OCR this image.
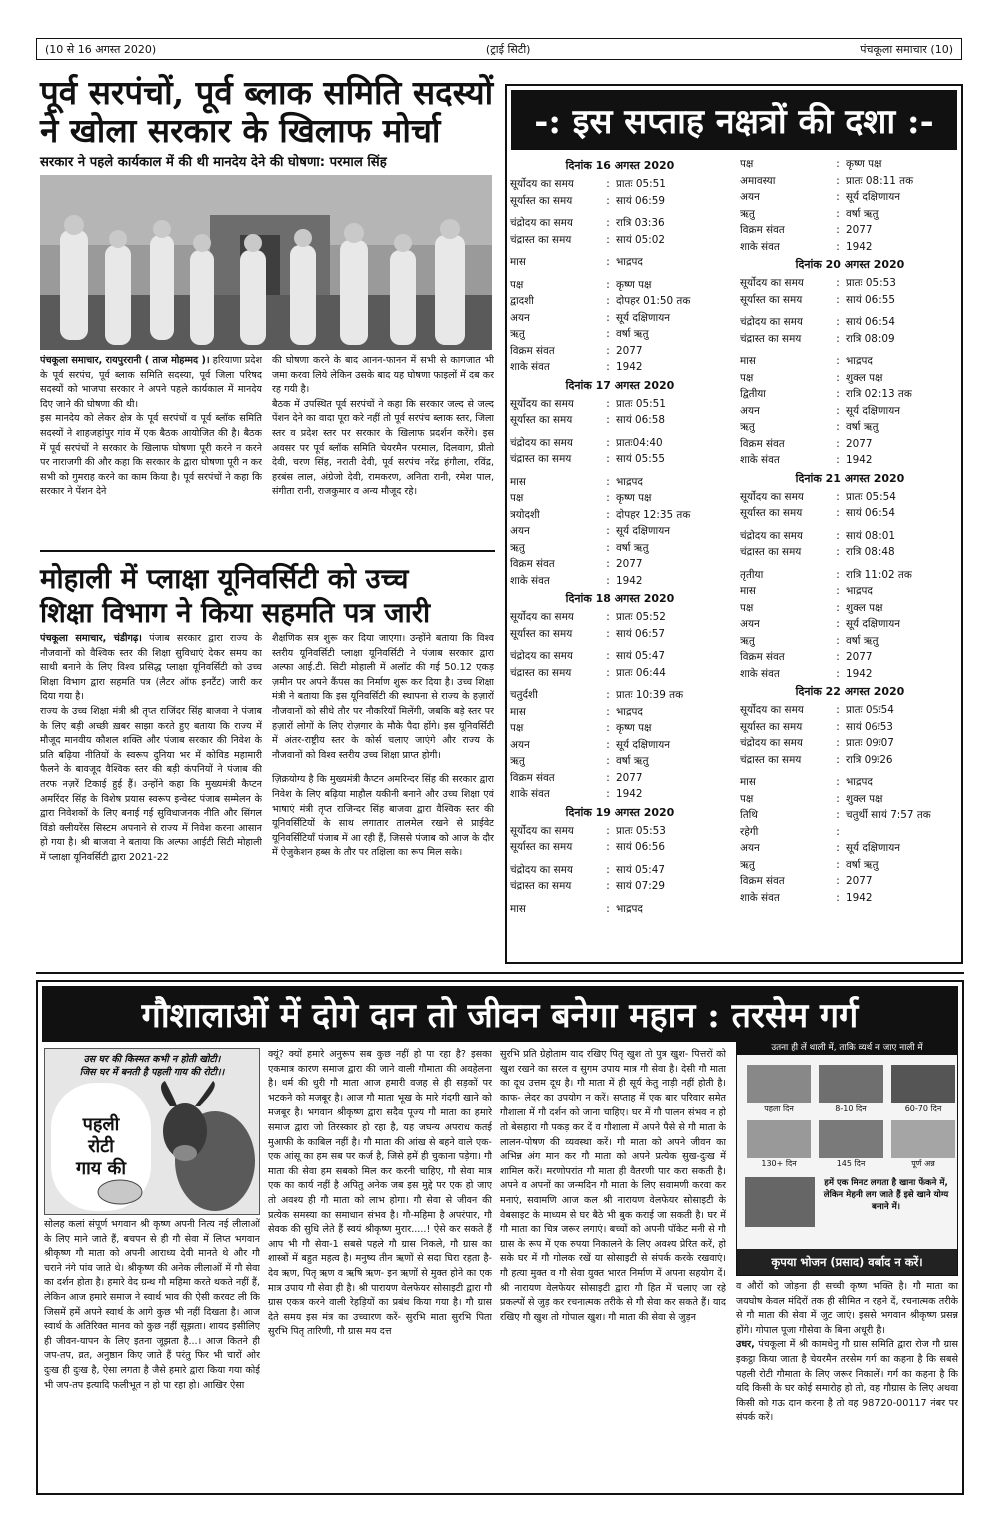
(10 से 16 अगस्त 2020)	(ट्राई सिटी)	पंचकूला समाचार (10)
पूर्व सरपंचों, पूर्व ब्लाक समिति सदस्यों
ने खोला सरकार के खिलाफ मोर्चा
सरकार ने पहले कार्यकाल में की थी मानदेय देने की घोषणा: परमाल सिंह

पंचकूला समाचार, रायपुररानी ( ताज मोहम्मद )। हरियाणा प्रदेश के पूर्व सरपंच, पूर्व ब्लाक समिति सदस्या, पूर्व जिला परिषद सदस्यों को भाजपा सरकार ने अपने पहले कार्यकाल में मानदेय दिए जाने की घोषणा की थी।

इस मानदेय को लेकर क्षेत्र के पूर्व सरपंचों व पूर्व ब्लॉक समिति सदस्यों ने शाहजहांपुर गांव में एक बैठक आयोजित की है। बैठक में पूर्व सरपंचों ने सरकार के खिलाफ घोषणा पूरी करने न करने पर नाराजगी की और कहा कि सरकार के द्वारा घोषणा पूरी न कर सभी को गुमराह करने का काम किया है। पूर्व सरपंचों ने कहा कि सरकार ने पेंशन देने

की घोषणा करने के बाद आनन-फानन में सभी से कागजात भी जमा करवा लिये लेकिन उसके बाद यह घोषणा फाइलों में दब कर रह गयी है।

बैठक में उपस्थित पूर्व सरपंचों ने कहा कि सरकार जल्द से जल्द पेंशन देने का वादा पूरा करे नहीं तो पूर्व सरपंच ब्लाक स्तर, जिला स्तर व प्रदेश स्तर पर सरकार के खिलाफ प्रदर्शन करेंगे। इस अवसर पर पूर्व ब्लॉक समिति चेयरमैन परमाल, दिलवाग, प्रीतो देवी, चरण सिंह, नराती देवी, पूर्व सरपंच नरेंद्र हंगौला, रविंद्र, हरबंस लाल, अंग्रेजो देवी, रामकरण, अनिता रानी, रमेश पाल, संगीता रानी, राजकुमार व अन्य मौजूद रहे।

मोहाली में प्लाक्षा यूनिवर्सिटी को उच्च
शिक्षा विभाग ने किया सहमति पत्र जारी

पंचकूला समाचार, चंडीगढ़। पंजाब सरकार द्वारा राज्य के नौजवानों को वैश्विक स्तर की शिक्षा सुविधाएं देकर समय का साथी बनाने के लिए विश्व प्रसिद्ध प्लाक्षा यूनिवर्सिटी को उच्च शिक्षा विभाग द्वारा सहमति पत्र (लैटर ऑफ इनटैंट) जारी कर दिया गया है।

राज्य के उच्च शिक्षा मंत्री श्री तृप्त राजिंदर सिंह बाजवा ने पंजाब के लिए बड़ी अच्छी ख़बर साझा करते हुए बताया कि राज्य में मौजूद मानवीय कौशल शक्ति और पंजाब सरकार की निवेश के प्रति बढ़िया नीतियों के स्वरूप दुनिया भर में कोविड महामारी फैलने के बावजूद वैश्विक स्तर की बड़ी कंपनियों ने पंजाब की तरफ नज़रें टिकाई हुई हैं। उन्होंने कहा कि मुख्यमंत्री कैप्टन अमरिंदर सिंह के विशेष प्रयास स्वरूप इन्वेस्ट पंजाब सम्मेलन के द्वारा निवेशकों के लिए बनाई गई सुविधाजनक नीति और सिंगल विंडो क्लीयरेंस सिस्टम अपनाने से राज्य में निवेश करना आसान हो गया है। श्री बाजवा ने बताया कि अल्फा आईटी सिटी मोहाली में प्लाक्षा यूनिवर्सिटी द्वारा 2021-22

शैक्षणिक सत्र शुरू कर दिया जाएगा। उन्होंने बताया कि विश्व स्तरीय यूनिवर्सिटी प्लाक्षा यूनिवर्सिटी ने पंजाब सरकार द्वारा अल्फा आई.टी. सिटी मोहाली में अलॉट की गई 50.12 एकड़ ज़मीन पर अपने कैंपस का निर्माण शुरू कर दिया है। उच्च शिक्षा मंत्री ने बताया कि इस यूनिवर्सिटी की स्थापना से राज्य के हज़ारों नौजवानों को सीधे तौर पर नौकरियाँ मिलेंगी, जबकि बड़े स्तर पर हज़ारों लोगों के लिए रोज़गार के मौके पैदा होंगे। इस यूनिवर्सिटी में अंतर-राष्ट्रीय स्तर के कोर्स चलाए जाएंगे और राज्य के नौजवानों को विश्व स्तरीय उच्च शिक्षा प्राप्त होगी।

ज़िक्रयोग्य है कि मुख्यमंत्री कैप्टन अमरिन्दर सिंह की सरकार द्वारा निवेश के लिए बढ़िया माहौल यकीनी बनाने और उच्च शिक्षा एवं भाषाएं मंत्री तृप्त राजिन्दर सिंह बाजवा द्वारा वैश्विक स्तर की यूनिवर्सिटियों के साथ लगातार तालमेल रखने से प्राईवेट यूनिवर्सिटियाँ पंजाब में आ रही हैं, जिससे पंजाब को आज के दौर में ऐजुकेशन हब्स के तौर पर तक्षिला का रूप मिल सके।

-: इस सप्ताह नक्षत्रों की दशा :-
दिनांक 16 अगस्त 2020
सूर्योदय का समय	: प्रातः 05:51
सूर्यास्त का समय	: सायं 06:59
चंद्रोदय का समय	: रात्रि 03:36
चंद्रास्त का समय	: सायं 05:02
मास	: भाद्रपद
पक्ष	: कृष्ण पक्ष
द्वादशी	: दोपहर 01:50 तक
अयन	: सूर्य दक्षिणायन
ऋतु	: वर्षा ऋतु
विक्रम संवत	: 2077
शाके संवत	: 1942
दिनांक 17 अगस्त 2020
सूर्योदय का समय	: प्रातः 05:51
सूर्यास्त का समय	: सायं 06:58
चंद्रोदय का समय	: प्रातः04:40
चंद्रास्त का समय	: सायं 05:55
मास	: भाद्रपद
पक्ष	: कृष्ण पक्ष
त्रयोदशी	: दोपहर 12:35 तक
अयन	: सूर्य दक्षिणायन
ऋतु	: वर्षा ऋतु
विक्रम संवत	: 2077
शाके संवत	: 1942
दिनांक 18 अगस्त 2020
सूर्योदय का समय	: प्रातः 05:52
सूर्यास्त का समय	: सायं 06:57
चंद्रोदय का समय	: सायं 05:47
चंद्रास्त का समय	: प्रातः 06:44
चतुर्दशी	: प्रातः 10:39 तक
मास	: भाद्रपद
पक्ष	: कृष्ण पक्ष
अयन	: सूर्य दक्षिणायन
ऋतु	: वर्षा ऋतु
विक्रम संवत	: 2077
शाके संवत	: 1942
दिनांक 19 अगस्त 2020
सूर्योदय का समय	: प्रातः 05:53
सूर्यास्त का समय	: सायं 06:56
चंद्रोदय का समय	: सायं 05:47
चंद्रास्त का समय	: सायं 07:29
मास	: भाद्रपद
पक्ष	: कृष्ण पक्ष
अमावस्या	: प्रातः 08:11 तक
अयन	: सूर्य दक्षिणायन
ऋतु	: वर्षा ऋतु
विक्रम संवत	: 2077
शाके संवत	: 1942
दिनांक 20 अगस्त 2020
सूर्योदय का समय	: प्रातः 05:53
सूर्यास्त का समय	: सायं 06:55
चंद्रोदय का समय	: सायं 06:54
चंद्रास्त का समय	: रात्रि 08:09
मास	: भाद्रपद
पक्ष	: शुक्ल पक्ष
द्वितीया	: रात्रि 02:13 तक
अयन	: सूर्य दक्षिणायन
ऋतु	: वर्षा ऋतु
विक्रम संवत	: 2077
शाके संवत	: 1942
दिनांक 21 अगस्त 2020
सूर्योदय का समय	: प्रातः 05:54
सूर्यास्त का समय	: सायं 06:54
चंद्रोदय का समय	: सायं 08:01
चंद्रास्त का समय	: रात्रि 08:48
तृतीया	: रात्रि 11:02 तक
मास	: भाद्रपद
पक्ष	: शुक्ल पक्ष
अयन	: सूर्य दक्षिणायन
ऋतु	: वर्षा ऋतु
विक्रम संवत	: 2077
शाके संवत	: 1942
दिनांक 22 अगस्त 2020
सूर्योदय का समय	: प्रातः 05ः54
सूर्यास्त का समय	: सायं 06ः53
चंद्रोदय का समय	: प्रातः 09ः07
चंद्रास्त का समय	: रात्रि 09ः26
मास	: भाद्रपद
पक्ष	: शुक्ल पक्ष
तिथि	: चतुर्थी सायं 7:57 तक
रहेगी	:
अयन	: सूर्य दक्षिणायन
ऋतु	: वर्षा ऋतु
विक्रम संवत	: 2077
शाके संवत	: 1942
गौशालाओं में दोगे दान तो जीवन बनेगा महान : तरसेम गर्ग
उस घर की किस्मत कभी न होती खोटी।
जिस घर में बनती है पहली गाय की रोटी।।
पहली
रोटी
गाय की

सोलह कलां संपूर्ण भगवान श्री कृष्ण अपनी नित्य नई लीलाओं के लिए माने जाते हैं, बचपन से ही गौ सेवा में लिप्त भगवान श्रीकृष्ण गौ माता को अपनी आराध्य देवी मानते थे और गौ चराने नंगे पांव जाते थे। श्रीकृष्ण की अनेक लीलाओं में गौ सेवा का दर्शन होता है। हमारे वेद ग्रन्थ गौ महिमा करते थकते नहीं हैं, लेकिन आज हमारे समाज ने स्वार्थ भाव की ऐसी करवट ली कि जिसमें हमें अपने स्वार्थ के आगे कुछ भी नहीं दिखता है। आज स्वार्थ के अतिरिक्त मानव को कुछ नहीं सूझता। शायद इसीलिए ही जीवन-यापन के लिए इतना जूझता है...। आज कितने ही जप-तप, व्रत, अनुष्ठान किए जाते हैं परंतु फिर भी चारों ओर दुःख ही दुःख है, ऐसा लगता है जैसे हमारे द्वारा किया गया कोई भी जप-तप इत्यादि फलीभूत न हो पा रहा हो। आखिर ऐसा

क्यूं? क्यों हमारे अनुरूप सब कुछ नहीं हो पा रहा है? इसका एकमात्र कारण समाज द्वारा की जाने वाली गौमाता की अवहेलना है। धर्म की धुरी गौ माता आज हमारी वजह से ही सड़कों पर भटकने को मजबूर है। आज गौ माता भूख के मारे गंदगी खाने को मजबूर है। भगवान श्रीकृष्ण द्वारा सदैव पूज्य गौ माता का हमारे समाज द्वारा जो तिरस्कार हो रहा है, यह जघन्य अपराध कतई मुआफी के काबिल नहीं है। गौ माता की आंख से बहने वाले एक-एक आंसू का हम सब पर कर्ज है, जिसे हमें ही चुकाना पड़ेगा। गौ माता की सेवा हम सबको मिल कर करनी चाहिए, गौ सेवा मात्र एक का कार्य नहीं है अपितु अनेक जब इस मुद्दे पर एक हो जाए तो अवश्य ही गौ माता को लाभ होगा। गौ सेवा से जीवन की प्रत्येक समस्या का समाधान संभव है। गौ-महिमा है अपरंपार, गौ सेवक की सुधि लेते हैं स्वयं श्रीकृष्ण मुरार.....! ऐसे कर सकते हैं आप भी गौ सेवा-1 सबसे पहले गौ ग्रास निकले, गौ ग्रास का शास्त्रों में बहुत महत्व है। मनुष्य तीन ऋणों से सदा घिरा रहता है- देव ऋण, पितृ ऋण व ऋषि ऋण- इन ऋणों से मुक्त होने का एक मात्र उपाय गौ सेवा ही है। श्री पारायण वेलफेयर सोसाइटी द्वारा गौ ग्रास एकत्र करने वाली रेहड़ियों का प्रबंध किया गया है। गौ ग्रास देते समय इस मंत्र का उच्चारण करें- सुरभि माता सुरभि पिता सुरभि पितृ तारिणी, गौ ग्रास मय दत्त

सुरभि प्रति ग्रेहोताम याद रखिए पितृ खुश तो पुत्र खुश- पित्तरों को खुश रखने का सरल व सुगम उपाय मात्र गौ सेवा है। देसी गौ माता का दूध उत्तम दूध है। गौ माता में ही सूर्य केतु नाड़ी नहीं होती है। काफ- लेदर का उपयोग न करें। सप्ताह में एक बार परिवार समेत गौशाला में गौ दर्शन को जाना चाहिए। घर में गौ पालन संभव न हो तो बेसहारा गौ पकड़ कर दें व गौशाला में अपने पैसे से गौ माता के लालन-पोषण की व्यवस्था करें। गौ माता को अपने जीवन का अभिन्न अंग मान कर गौ माता को अपने प्रत्येक सुख-दुःख में शामिल करें। मरणोपरांत गौ माता ही वैतरणी पार करा सकती है। अपने व अपनों का जन्मदिन गौ माता के लिए सवामणी करवा कर मनाएं, सवामणि आज कल श्री नारायण वेलफेयर सोसाइटी के वेबसाइट के माध्यम से घर बैठे भी बुक कराई जा सकती है। घर में गौ माता का चित्र जरूर लगाएं। बच्चों को अपनी पॉकेट मनी से गौ ग्रास के रूप में एक रुपया निकालने के लिए अवश्य प्रेरित करें, हो सके घर में गौ गोलक रखें या सोसाइटी से संपर्क करके रखवाएं। गौ हत्या मुक्त व गौ सेवा युक्त भारत निर्माण में अपना सहयोग दें। श्री नारायण वेलफेयर सोसाइटी द्वारा गौ हित में चलाए जा रहे प्रकल्पों से जुड़ कर रचनात्मक तरीके से गौ सेवा कर सकते हैं। याद रखिए गौ खुश तो गोपाल खुश। गौ माता की सेवा से जुड़न

उतना ही लें थाली में, ताकि व्यर्थ न जाए नाली में
पहला दिन	8-10 दिन	60-70 दिन
130+ दिन	145 दिन	पूर्ण अन्न
हमें एक मिनट लगता है खाना फेंकने में,
लेकिन मेहनी लग जाते हैं इसे खाने योग्य बनाने में।
कृपया भोजन (प्रसाद) वर्बाद न करें।

व औरों को जोड़ना ही सच्ची कृष्ण भक्ति है। गौ माता का जयघोष केवल मंदिरों तक ही सीमित न रहने दें, रचनात्मक तरीके से गौ माता की सेवा में जुट जाएं। इससे भगवान श्रीकृष्ण प्रसन्न होंगे। गोपाल पूजा गौसेवा के बिना अधूरी है।

उधर, पंचकूला में श्री कामधेनु गौ ग्रास समिति द्वारा रोज गौ ग्रास इकट्ठा किया जाता है चेयरमैन तरसेम गर्ग का कहना है कि सबसे पहली रोटी गौमाता के लिए जरूर निकालें। गर्ग का कहना है कि यदि किसी के घर कोई समारोह हो तो, वह गौग्रास के लिए अथवा किसी को गऊ दान करना है तो वह 98720-00117 नंबर पर संपर्क करें।
